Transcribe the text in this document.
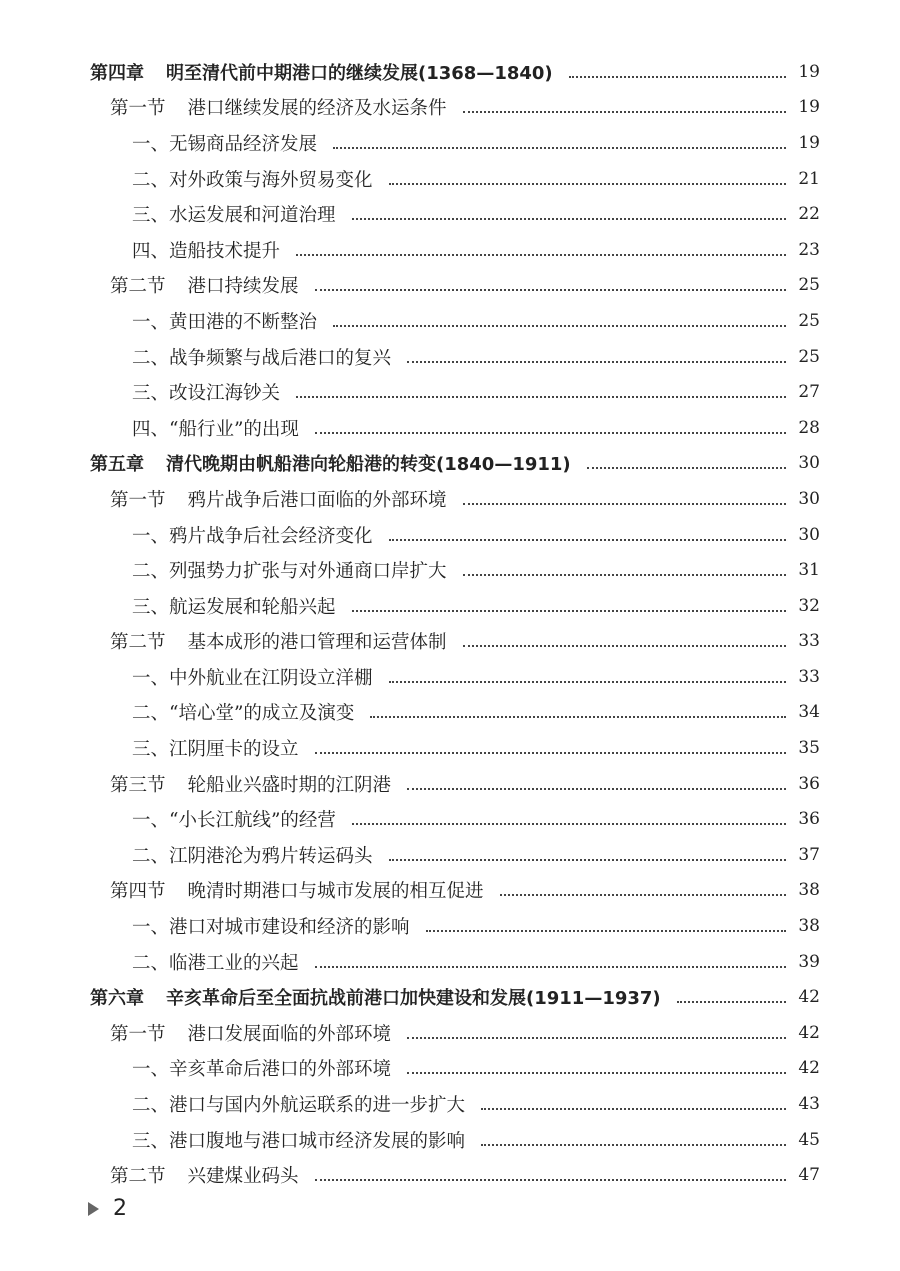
第四章 明至清代前中期港口的继续发展(1368—1840)	19
第一节 港口继续发展的经济及水运条件	19
一、 无锡商品经济发展	19
二、 对外政策与海外贸易变化	21
三、 水运发展和河道治理	22
四、 造船技术提升	23
第二节 港口持续发展	25
一、 黄田港的不断整治	25
二、 战争频繁与战后港口的复兴	25
三、 改设江海钞关	27
四、 “船行业”的出现	28
第五章 清代晚期由帆船港向轮船港的转变(1840—1911)	30
第一节 鸦片战争后港口面临的外部环境	30
一、 鸦片战争后社会经济变化	30
二、 列强势力扩张与对外通商口岸扩大	31
三、 航运发展和轮船兴起	32
第二节 基本成形的港口管理和运营体制	33
一、 中外航业在江阴设立洋棚	33
二、 “培心堂”的成立及演变	34
三、 江阴厘卡的设立	35
第三节 轮船业兴盛时期的江阴港	36
一、 “小长江航线”的经营	36
二、 江阴港沦为鸦片转运码头	37
第四节 晚清时期港口与城市发展的相互促进	38
一、 港口对城市建设和经济的影响	38
二、 临港工业的兴起	39
第六章 辛亥革命后至全面抗战前港口加快建设和发展(1911—1937)	42
第一节 港口发展面临的外部环境	42
一、 辛亥革命后港口的外部环境	42
二、 港口与国内外航运联系的进一步扩大	43
三、 港口腹地与港口城市经济发展的影响	45
第二节 兴建煤业码头	47
2
